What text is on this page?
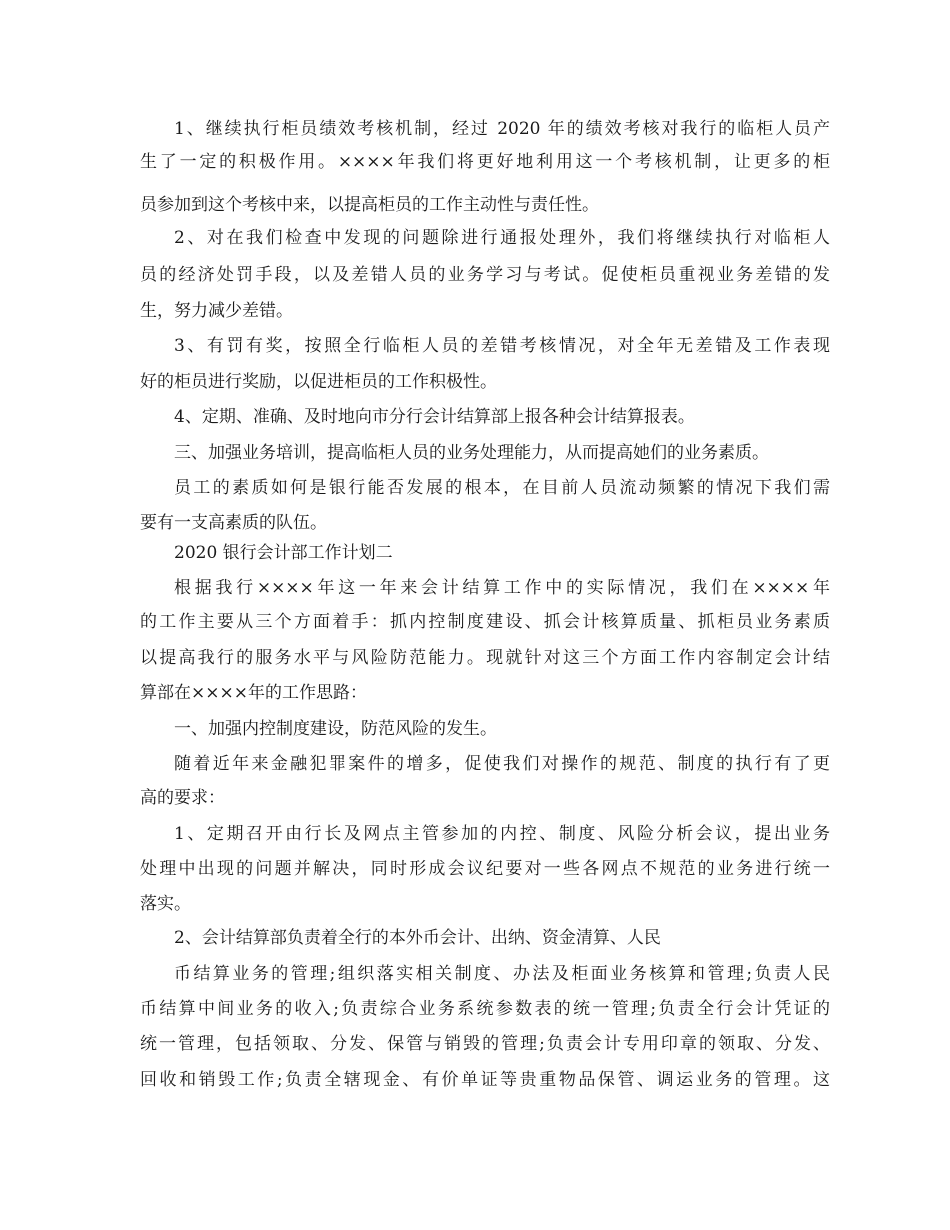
1、继续执行柜员绩效考核机制，经过 2020 年的绩效考核对我行的临柜人员产
生了一定的积极作用。××××年我们将更好地利用这一个考核机制，让更多的柜
员参加到这个考核中来，以提高柜员的工作主动性与责任性。
2、对在我们检查中发现的问题除进行通报处理外，我们将继续执行对临柜人
员的经济处罚手段，以及差错人员的业务学习与考试。促使柜员重视业务差错的发
生，努力减少差错。
3、有罚有奖，按照全行临柜人员的差错考核情况，对全年无差错及工作表现
好的柜员进行奖励，以促进柜员的工作积极性。
4、定期、准确、及时地向市分行会计结算部上报各种会计结算报表。
三、加强业务培训，提高临柜人员的业务处理能力，从而提高她们的业务素质。
员工的素质如何是银行能否发展的根本，在目前人员流动频繁的情况下我们需
要有一支高素质的队伍。
2020 银行会计部工作计划二
根据我行××××年这一年来会计结算工作中的实际情况，我们在××××年
的工作主要从三个方面着手：抓内控制度建设、抓会计核算质量、抓柜员业务素质
以提高我行的服务水平与风险防范能力。现就针对这三个方面工作内容制定会计结
算部在××××年的工作思路：
一、加强内控制度建设，防范风险的发生。
随着近年来金融犯罪案件的增多，促使我们对操作的规范、制度的执行有了更
高的要求：
1、定期召开由行长及网点主管参加的内控、制度、风险分析会议，提出业务
处理中出现的问题并解决，同时形成会议纪要对一些各网点不规范的业务进行统一
落实。
2、会计结算部负责着全行的本外币会计、出纳、资金清算、人民
币结算业务的管理;组织落实相关制度、办法及柜面业务核算和管理;负责人民
币结算中间业务的收入;负责综合业务系统参数表的统一管理;负责全行会计凭证的
统一管理，包括领取、分发、保管与销毁的管理;负责会计专用印章的领取、分发、
回收和销毁工作;负责全辖现金、有价单证等贵重物品保管、调运业务的管理。这
